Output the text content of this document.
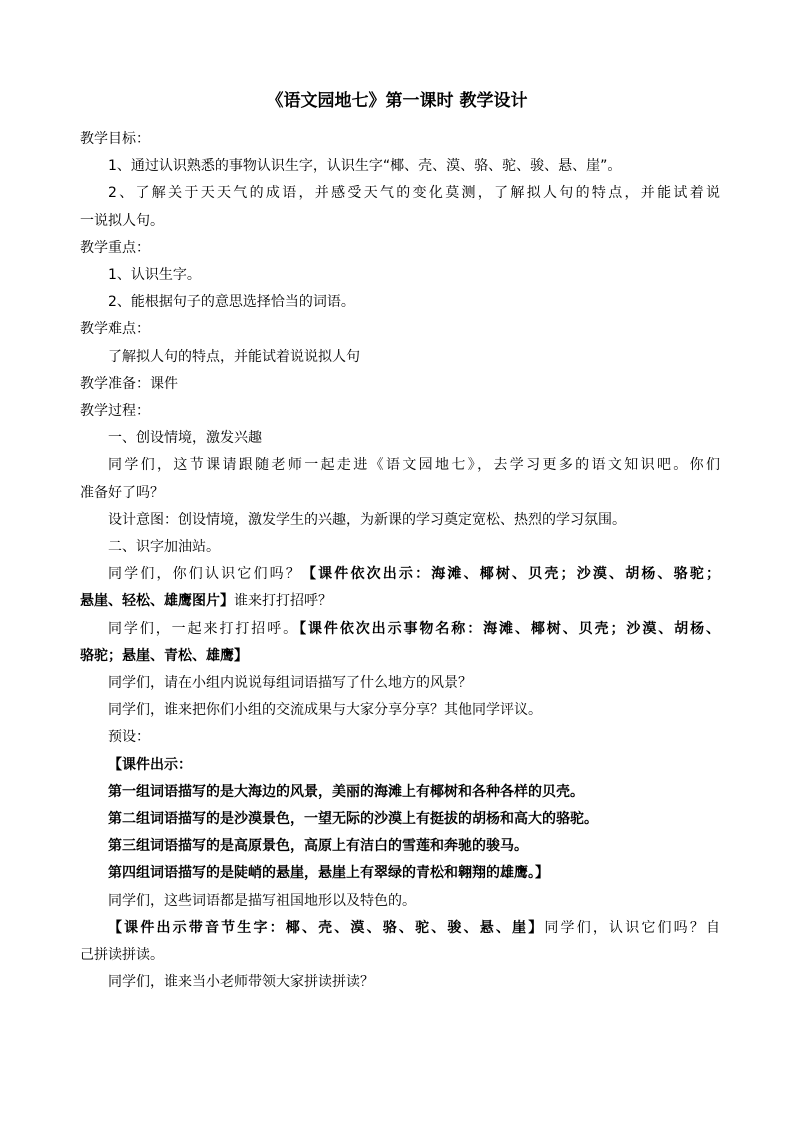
《语文园地七》第一课时 教学设计

教学目标：

1、通过认识熟悉的事物认识生字，认识生字“椰、壳、漠、骆、驼、骏、悬、崖”。

2、了解关于天天气的成语，并感受天气的变化莫测，了解拟人句的特点，并能试着说

一说拟人句。

教学重点：

1、认识生字。

2、能根据句子的意思选择恰当的词语。

教学难点：

了解拟人句的特点，并能试着说说拟人句

教学准备：课件

教学过程：

一、创设情境，激发兴趣

同学们，这节课请跟随老师一起走进《语文园地七》，去学习更多的语文知识吧。你们

准备好了吗？

设计意图：创设情境，激发学生的兴趣，为新课的学习奠定宽松、热烈的学习氛围。

二、识字加油站。

同学们，你们认识它们吗？【课件依次出示：海滩、椰树、贝壳；沙漠、胡杨、骆驼；

悬崖、轻松、雄鹰图片】谁来打打招呼？

同学们，一起来打打招呼。【课件依次出示事物名称：海滩、椰树、贝壳；沙漠、胡杨、

骆驼；悬崖、青松、雄鹰】

同学们，请在小组内说说每组词语描写了什么地方的风景？

同学们，谁来把你们小组的交流成果与大家分享分享？其他同学评议。

预设：

【课件出示：

第一组词语描写的是大海边的风景，美丽的海滩上有椰树和各种各样的贝壳。

第二组词语描写的是沙漠景色，一望无际的沙漠上有挺拔的胡杨和高大的骆驼。

第三组词语描写的是高原景色，高原上有洁白的雪莲和奔驰的骏马。

第四组词语描写的是陡峭的悬崖，悬崖上有翠绿的青松和翱翔的雄鹰。】

同学们，这些词语都是描写祖国地形以及特色的。

【课件出示带音节生字：椰、壳、漠、骆、驼、骏、悬、崖】同学们，认识它们吗？自

己拼读拼读。

同学们，谁来当小老师带领大家拼读拼读？
